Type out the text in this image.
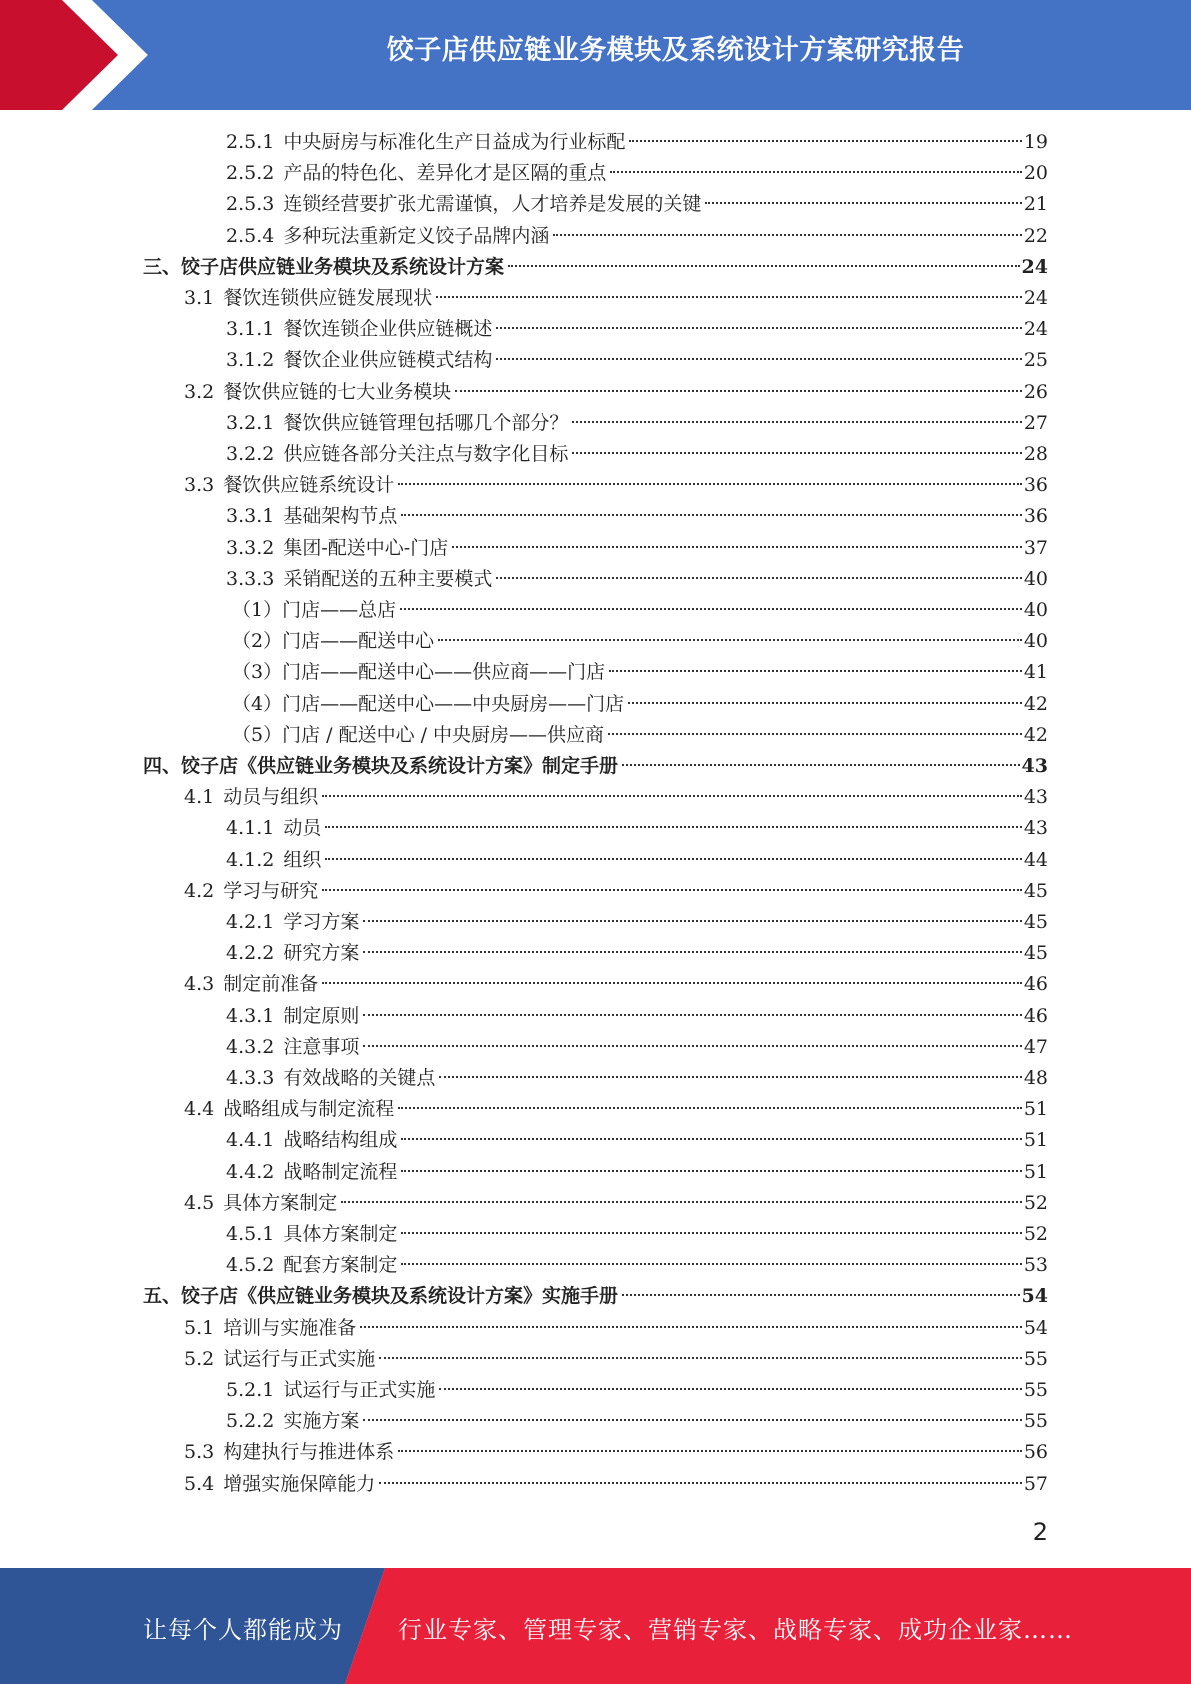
饺子店供应链业务模块及系统设计方案研究报告
2.5.1 中央厨房与标准化生产日益成为行业标配	19
2.5.2 产品的特色化、差异化才是区隔的重点	20
2.5.3 连锁经营要扩张尤需谨慎，人才培养是发展的关键	21
2.5.4 多种玩法重新定义饺子品牌内涵	22
三、饺子店供应链业务模块及系统设计方案	24
3.1 餐饮连锁供应链发展现状	24
3.1.1 餐饮连锁企业供应链概述	24
3.1.2 餐饮企业供应链模式结构	25
3.2 餐饮供应链的七大业务模块	26
3.2.1 餐饮供应链管理包括哪几个部分？	27
3.2.2 供应链各部分关注点与数字化目标	28
3.3 餐饮供应链系统设计	36
3.3.1 基础架构节点	36
3.3.2 集团-配送中心-门店	37
3.3.3 采销配送的五种主要模式	40
（1）门店——总店	40
（2）门店——配送中心	40
（3）门店——配送中心——供应商——门店	41
（4）门店——配送中心——中央厨房——门店	42
（5）门店 / 配送中心 / 中央厨房——供应商	42
四、饺子店《供应链业务模块及系统设计方案》制定手册	43
4.1 动员与组织	43
4.1.1 动员	43
4.1.2 组织	44
4.2 学习与研究	45
4.2.1 学习方案	45
4.2.2 研究方案	45
4.3 制定前准备	46
4.3.1 制定原则	46
4.3.2 注意事项	47
4.3.3 有效战略的关键点	48
4.4 战略组成与制定流程	51
4.4.1 战略结构组成	51
4.4.2 战略制定流程	51
4.5 具体方案制定	52
4.5.1 具体方案制定	52
4.5.2 配套方案制定	53
五、饺子店《供应链业务模块及系统设计方案》实施手册	54
5.1 培训与实施准备	54
5.2 试运行与正式实施	55
5.2.1 试运行与正式实施	55
5.2.2 实施方案	55
5.3 构建执行与推进体系	56
5.4 增强实施保障能力	57
2
让每个人都能成为 行业专家、管理专家、营销专家、战略专家、成功企业家……
